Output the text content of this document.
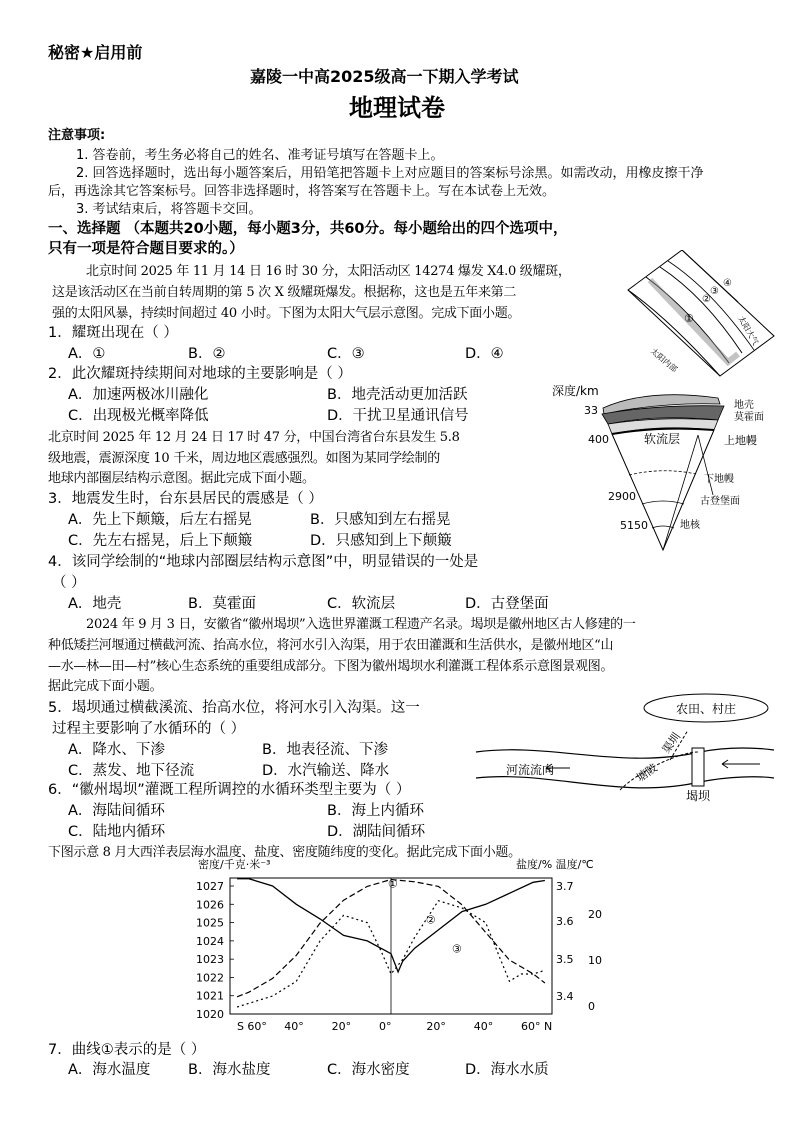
秘密★启用前
嘉陵一中高2025级高一下期入学考试
地理试卷
注意事项:
1. 答卷前，考生务必将自己的姓名、准考证号填写在答题卡上。
2. 回答选择题时，选出每小题答案后，用铅笔把答题卡上对应题目的答案标号涂黑。如需改动，用橡皮擦干净
后，再选涂其它答案标号。回答非选择题时，将答案写在答题卡上。写在本试卷上无效。
3. 考试结束后，将答题卡交回。
一、选择题 （本题共20小题，每小题3分，共60分。每小题给出的四个选项中，
只有一项是符合题目要求的。）
北京时间 2025 年 11 月 14 日 16 时 30 分，太阳活动区 14274 爆发 X4.0 级耀斑，
这是该活动区在当前自转周期的第 5 次 X 级耀斑爆发。根据称，这也是五年来第二
强的太阳风暴，持续时间超过 40 小时。下图为太阳大气层示意图。完成下面小题。
1．耀斑出现在（ ）
A．①	B．②	C．③	D．④
2．此次耀斑持续期间对地球的主要影响是（ ）
A．加速两极冰川融化	B．地壳活动更加活跃
C．出现极光概率降低	D．干扰卫星通讯信号
北京时间 2025 年 12 月 24 日 17 时 47 分，中国台湾省台东县发生 5.8
级地震，震源深度 10 千米，周边地区震感强烈。如图为某同学绘制的
地球内部圈层结构示意图。据此完成下面小题。
3．地震发生时，台东县居民的震感是（ ）
A．先上下颠簸，后左右摇晃	B．只感知到左右摇晃
C．先左右摇晃，后上下颠簸	D．只感知到上下颠簸
4．该同学绘制的“地球内部圈层结构示意图”中，明显错误的一处是
（ ）
A．地壳	B．莫霍面	C．软流层	D．古登堡面
2024 年 9 月 3 日，安徽省“徽州堨坝”入选世界灌溉工程遗产名录。堨坝是徽州地区古人修建的一
种低矮拦河堰通过横截河流、抬高水位，将河水引入沟渠，用于农田灌溉和生活供水，是徽州地区“山
—水—林—田—村”核心生态系统的重要组成部分。下图为徽州堨坝水利灌溉工程体系示意图景观图。
据此完成下面小题。
5．堨坝通过横截溪流、抬高水位，将河水引入沟渠。这一
过程主要影响了水循环的（ ）
A．降水、下渗	B．地表径流、下渗
C．蒸发、地下径流	D．水汽输送、降水
6．“徽州堨坝”灌溉工程所调控的水循环类型主要为（ ）
A．海陆间循环	B．海上内循环
C．陆地内循环	D．湖陆间循环
下图示意 8 月大西洋表层海水温度、盐度、密度随纬度的变化。据此完成下面小题。
7．曲线①表示的是（ ）
A．海水温度	B．海水盐度	C．海水密度	D．海水水质
①
②
③
④
太阳内部
太阳大气
深度/km
33
400
2900
5150
地壳
莫霍面
上地幔
软流层
下地幔
古登堡面
地核
农田、村庄
河流流向
渠圳
塘陂
堨坝
密度/千克·米⁻³	盐度/% 温度/℃
1027
1026
1025
1024
1023
1022
1021
1020
3.7
3.6
3.5
3.4
20
10
0
S 60° 40°	20°	0°	20°	40°	60° N
①
②
③
